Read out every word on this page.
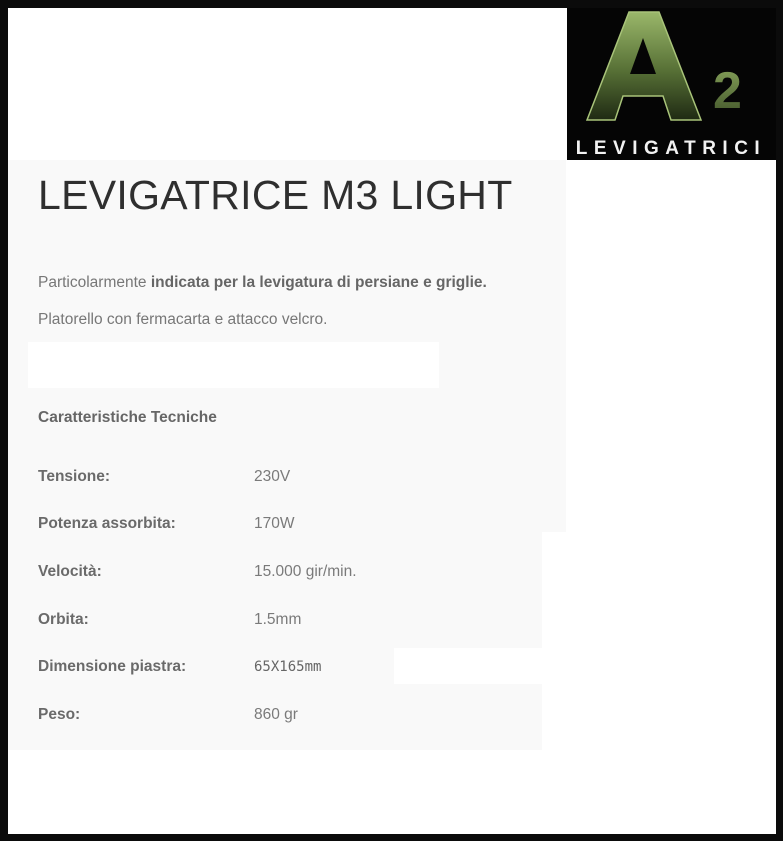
2
LEVIGATRICI
LEVIGATRICE M3 LIGHT

Particolarmente indicata per la levigatura di persiane e griglie.

Platorello con fermacarta e attacco velcro.

Caratteristiche Tecniche
Tensione:	230V
Potenza assorbita:	170W
Velocità:	15.000 gir/min.
Orbita:	1.5mm
Dimensione piastra:	65X165mm
Peso:	860 gr
